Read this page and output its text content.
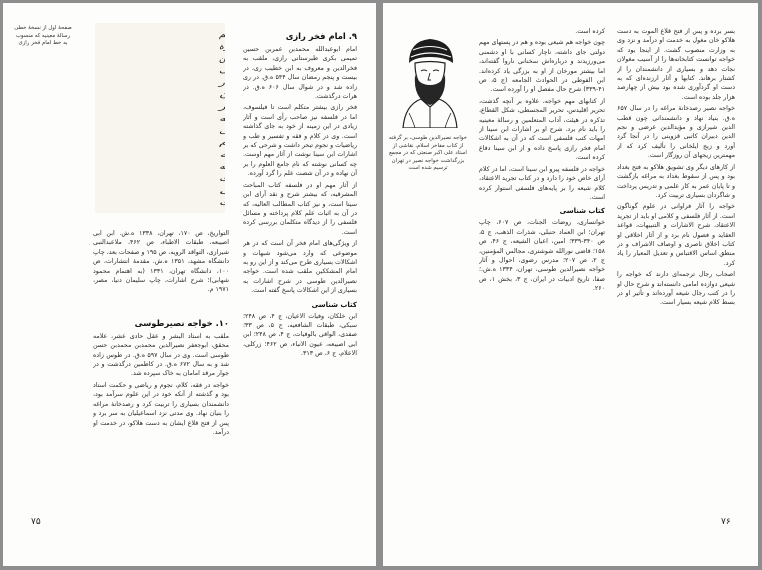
صفحهٔ اول از نسخهٔ خطی رسالهٔ معینیه که منسوب به خط امام فخر رازی	ة
ن
ار
ر
ه
۹. امام فخر رازی

امام ابوعبدالله محمدبن عمربن حسین تمیمی بکری طبرستانی رازی، ملقب به فخرالدین و معروف به ابن خطیب ری، در بیست و پنجم رمضان سال ۵۴۴ ه.ق. در ری زاده شد و در شوال سال ۶۰۶ ه.ق. در هرات درگذشت.

فخر رازی بیشتر متکلم است تا فیلسوف، اما در فلسفه نیز صاحب رأی است و آثار زیادی در این زمینه از خود به جای گذاشته است. وی در کلام و فقه و تفسیر و طب و ریاضیات و نجوم تبحر داشت و شرحی که بر اشارات ابن سینا نوشت از آثار مهم اوست. چه کسانی نوشته که نام جامع العلوم را بر آن نهاده و در آن شصت علم را گرد آورده.

از آثار مهم او در فلسفه کتاب المباحث المشرقیه، که بیشتر شرح و نقد آرای ابن سینا است، و نیز کتاب المطالب العالیه، که در آن به اثبات علم کلام پرداخته و مسائل فلسفی را از دیدگاه متکلمان بررسی کرده است.

از ویژگی‌های امام فخر آن است که در هر موضوعی که وارد می‌شود شبهات و اشکالات بسیاری طرح می‌کند و از این رو به امام المشککین ملقب شده است. خواجه نصیرالدین طوسی در شرح اشارات به بسیاری از این اشکالات پاسخ گفته است.

کتاب شناسی

ابن خلکان، وفیات الاعیان، ج ۴، ص ۲۴۸؛ سبکی، طبقات الشافعیه، ج ۵، ص ۳۳؛ صفدی، الوافی بالوفیات، ج ۴، ص ۲۴۸؛ ابن ابی اصیبعه، عیون الانباء، ص ۴۶۲؛ زرکلی، الاعلام، ج ۶، ص ۳۱۳.

التواریخ، ص ۱۷۰، تهران، ۱۳۳۸ ه.ش. ابن ابی اصیبعه، طبقات الاطباء، ص ۴۶۲، ملاعبدالنبی شیرازی، التواقد الرویه، ص ۱۹۵ و صفحات بعد، چاپ دانشگاه مشهد، ۱۳۵۱ ه.ش. مقدمهٔ انتشارات، ص ۱۰۰، دانشگاه تهران، ۱۳۳۱ (به اهتمام محمود شهابی)؛ شرح اشارات، چاپ سلیمان دنیا، مصر، ۱۹۷۱ م.

۱۰. خواجه نصیرطوسی

ملقب به استاد البشر و عقل حادی عشر، علامه محقق، ابوجعفر نصیرالدین محمدبن محمدبن حسن طوسی است. وی در سال ۵۹۷ ه.ق. در طوس زاده شد و به سال ۶۷۲ ه.ق. در کاظمین درگذشت و در جوار مرقد امامان به خاک سپرده شد.

خواجه در فقه، کلام، نجوم و ریاضی و حکمت استاد بود و گذشته از آنکه خود در این علوم سرآمد بود، دانشمندان بسیاری را تربیت کرد و رصدخانهٔ مراغه را بنیان نهاد. وی مدتی نزد اسماعیلیان به سر برد و پس از فتح قلاع ایشان به دست هلاکو، در خدمت او درآمد.

۷۵

بسر برده و پس از فتح قلاع الموت به دست هلاکو خان مغول به خدمت او درآمد و نزد وی به وزارت منصوب گشت. از اینجا بود که خواجه توانست کتابخانه‌ها را از آسیب مغولان نجات دهد و بسیاری از دانشمندان را از کشتار برهاند. کتابها و آثار ارزنده‌ای که به دست او گردآوری شده بود بیش از چهارصد هزار جلد بوده است.

خواجه نصیر رصدخانهٔ مراغه را در سال ۶۵۷ ه.ق. بنیاد نهاد و دانشمندانی چون قطب الدین شیرازی و مؤیدالدین عرضی و نجم الدین دبیران کاتبی قزوینی را در آنجا گرد آورد و زیج ایلخانی را تألیف کرد که از مهمترین زیجهای آن روزگار است.

از کارهای دیگر وی تشویق هلاکو به فتح بغداد بود و پس از سقوط بغداد به مراغه بازگشت و تا پایان عمر به کار علمی و تدریس پرداخت و شاگردان بسیاری تربیت کرد.

خواجه را آثار فراوانی در علوم گوناگون است. از آثار فلسفی و کلامی او باید از تجرید الاعتقاد، شرح الاشارات و التنبیهات، قواعد العقاید و فصول نام برد و از آثار اخلاقی او کتاب اخلاق ناصری و اوصاف الاشراف و در منطق اساس الاقتباس و تعدیل المعیار را یاد کرد.

اصحاب رجال ترجمه‌ای دارند که خواجه را شیعی دوازده امامی دانسته‌اند و شرح حال او را در کتب رجال شیعه آورده‌اند و تأثیر او در بسط کلام شیعه بسیار است.

خواجه نصیرالدین طوسی، بر گرفته از کتاب مفاخر اسلام، نقاشی از استاد علی اکبر صنعتی که در مجمع بزرگداشت خواجه نصیر در تهران ترسیم شده است

کرده است.

چون خواجه هم شیعی بوده و هم در پستهای مهم دولتی جای داشته، ناچار کسانی با او دشمنی می‌ورزیدند و درباره‌اش سخنانی ناروا گفته‌اند، اما بیشتر مورخان از او به بزرگی یاد کرده‌اند. ابن الفوطی در الحوادث الجامعه (ج ۵، ص ۴۱-۳۳۹) شرح حال مفصل او را آورده است.

از کتابهای مهم خواجه، علاوه بر آنچه گذشت، تحریر اقلیدس، تحریر المجسطی، شکل القطاع، تذکره در هیئت، آداب المتعلمین و رسالهٔ معینیه را باید نام برد. شرح او بر اشارات ابن سینا از امهات کتب فلسفی است که در آن به اشکالات امام فخر رازی پاسخ داده و از ابن سینا دفاع کرده است.

خواجه در فلسفه پیرو ابن سینا است، اما در کلام آرای خاص خود را دارد و در کتاب تجرید الاعتقاد، کلام شیعه را بر پایه‌های فلسفی استوار کرده است.

کتاب شناسی

خوانساری، روضات الجنات، ص ۶۰۷، چاپ تهران؛ ابن العماد حنبلی، شذرات الذهب، ج ۵، ص ۳۴۰-۳۳۹؛ امین، اعیان الشیعه، ج ۴۶، ص ۱۵۸؛ قاضی نورالله شوشتری، مجالس المؤمنین، ج ۲، ص ۲۰۷؛ مدرس رضوی، احوال و آثار خواجه نصیرالدین طوسی، تهران، ۱۳۳۴ ه.ش.؛ صفا، تاریخ ادبیات در ایران، ج ۳، بخش ۱، ص ۲۶۰.

۷۶
